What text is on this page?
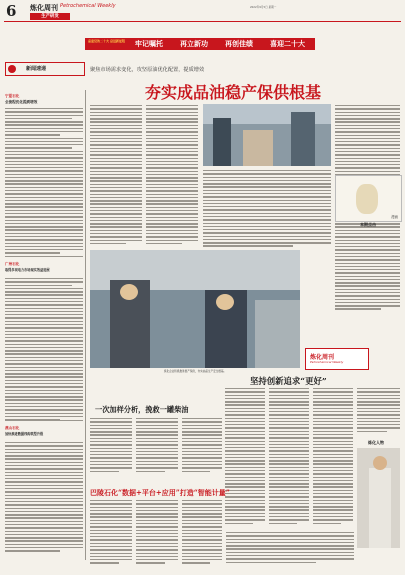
6 炼化周刊 Petrochemical Weekly
生产研发
2022年9月5日 星期一
喜迎党的二十大 奋进新征程	牢记嘱托 再立新功 再创佳绩 喜迎二十大
新闻速递	聚焦市场需求变化，攻坚原油优化配置，提质增效
夯实成品油稳产保供根基
宁夏石化
全流程优化提质增效
广州石化
取得多项电力市场现实效益进展
燕山石化
加快推进数据线构筑型升级
漫画
本期点击
炼化企业积极推进稳产保供，夯实油品生产安全根基。
炼化周刊
Petrochemical Weekly
坚持创新追求“更好”
炼化人物
一次加样分析，挽救一罐柴油
巴陵石化“数据+平台+应用”打造“智能计量”
